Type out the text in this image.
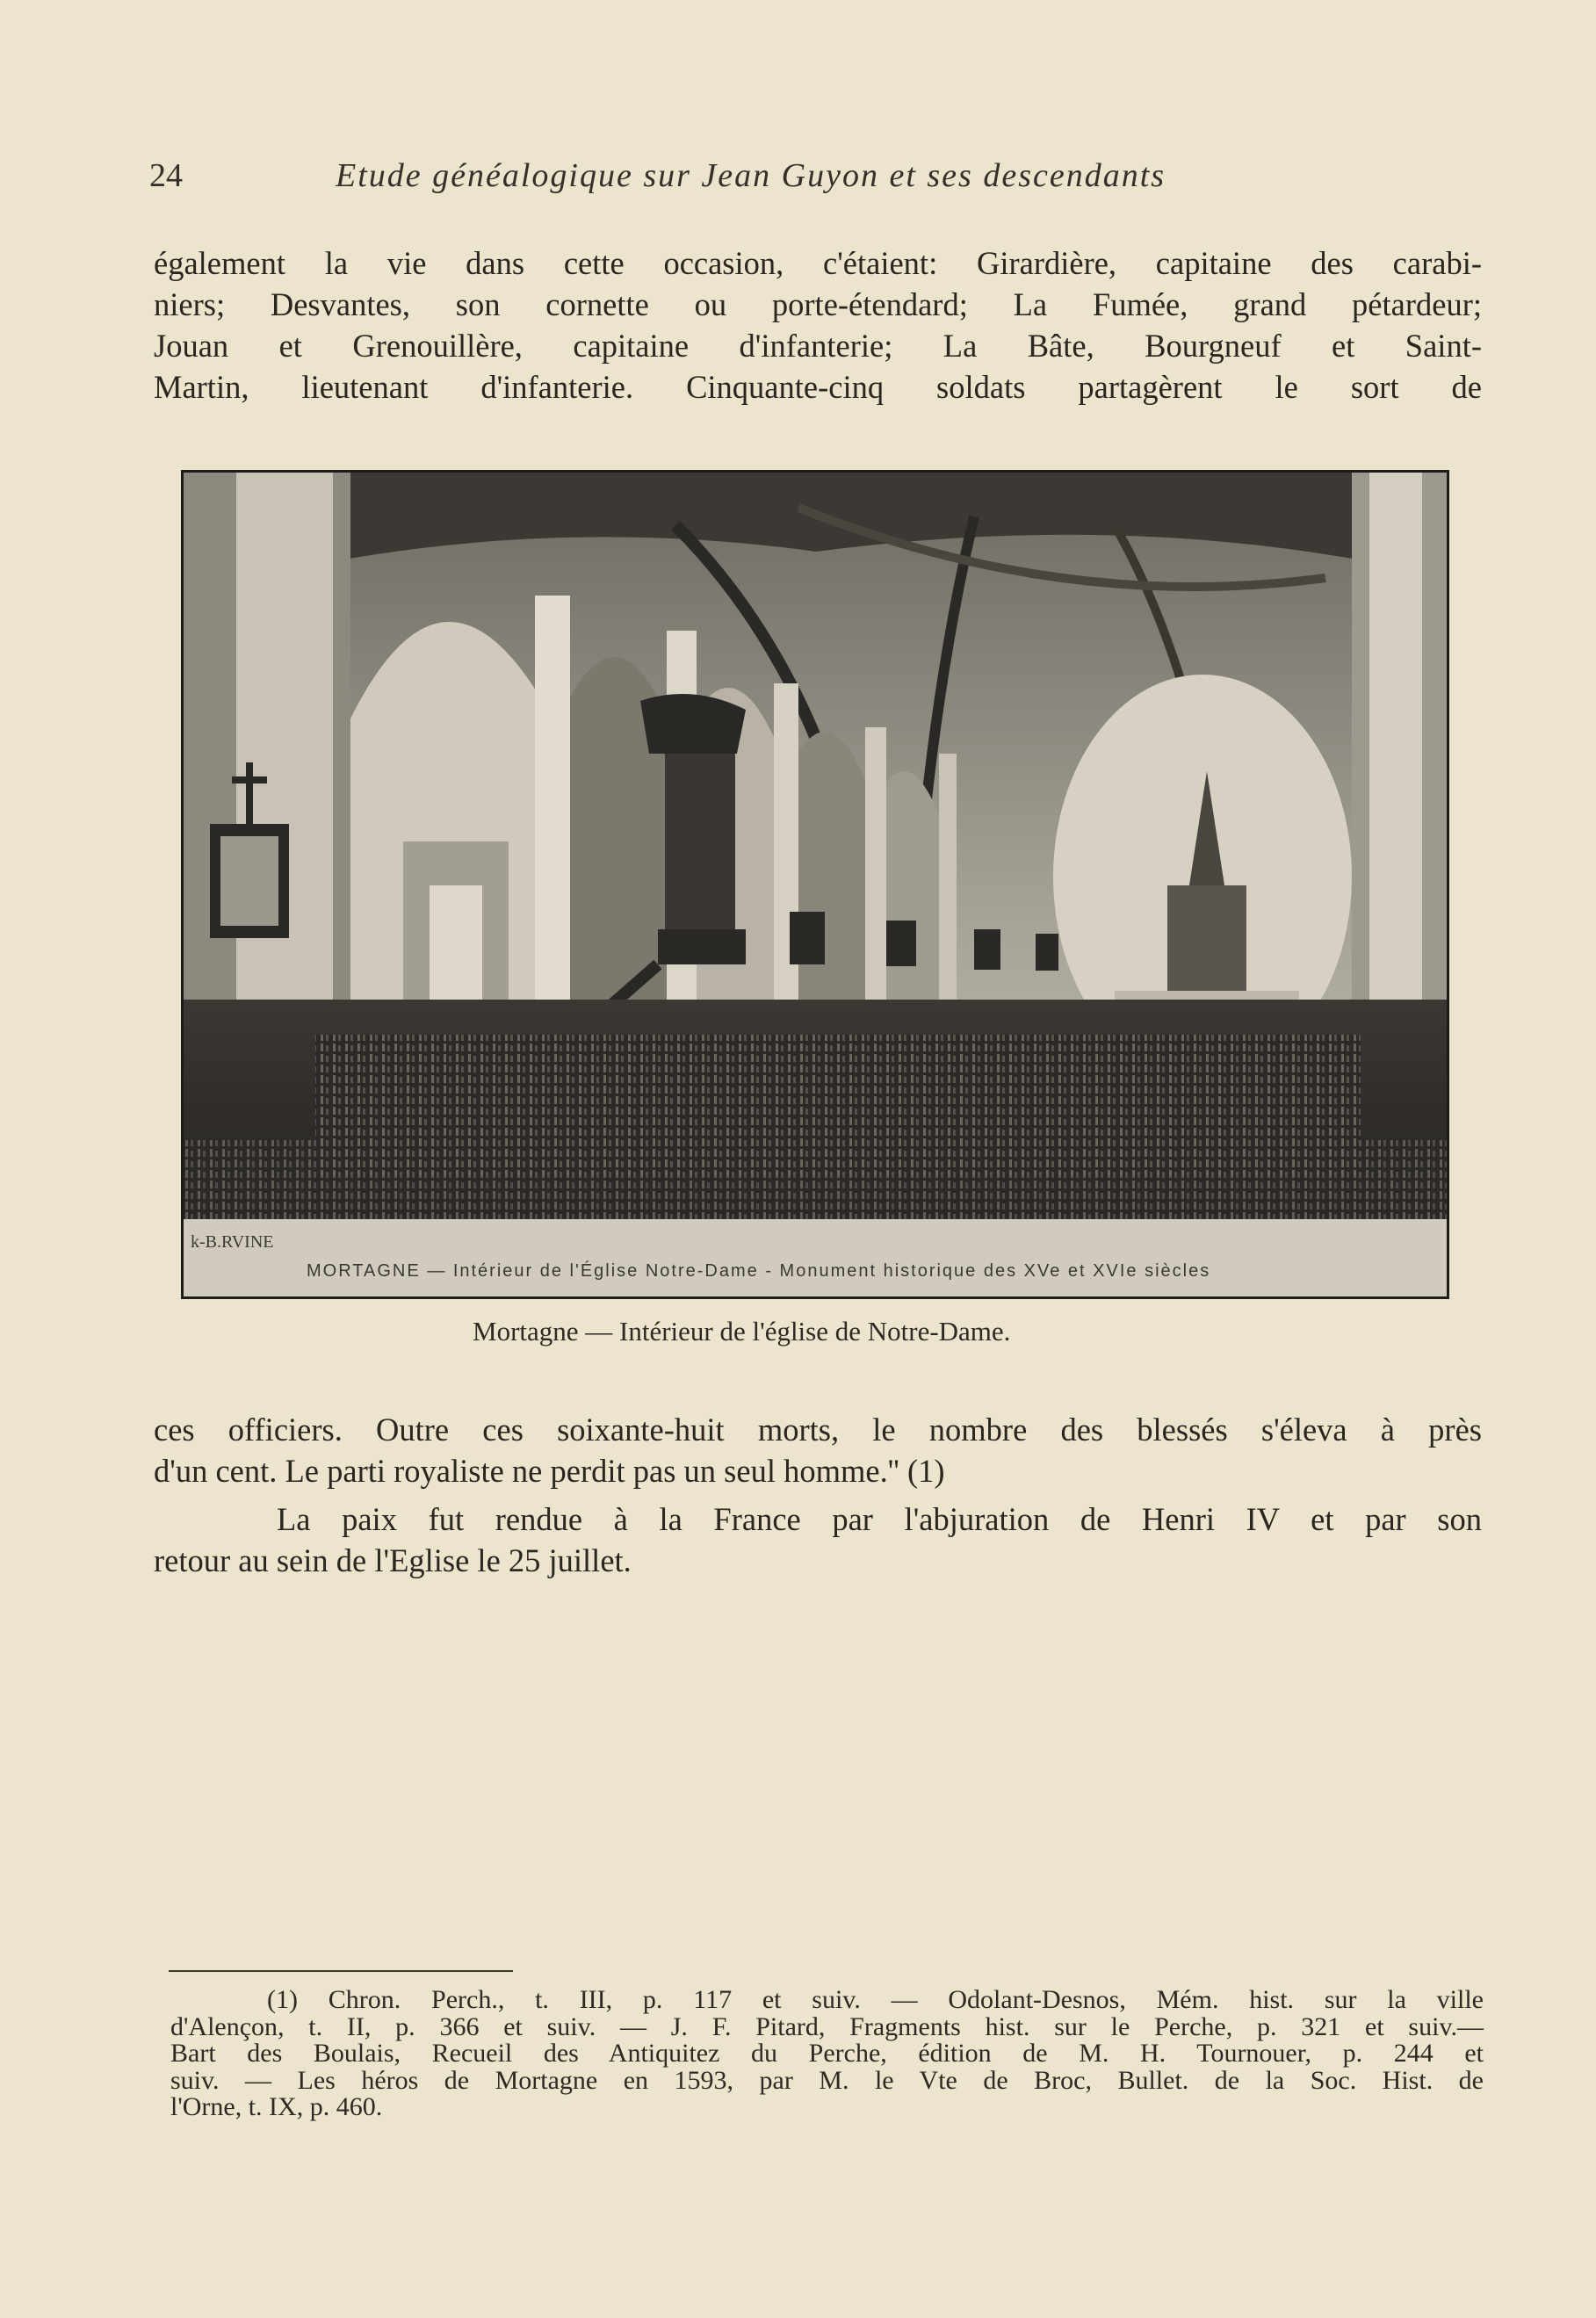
24	Etude généalogique sur Jean Guyon et ses descendants
également la vie dans cette occasion, c'étaient: Girardière, capitaine des carabi-
niers; Desvantes, son cornette ou porte-étendard; La Fumée, grand pétardeur;
Jouan et Grenouillère, capitaine d'infanterie; La Bâte, Bourgneuf et Saint-
Martin, lieutenant d'infanterie. Cinquante-cinq soldats partagèrent le sort de
k-B.RVINE
MORTAGNE — Intérieur de l'Église Notre-Dame - Monument historique des XVe et XVIe siècles
Mortagne — Intérieur de l'église de Notre-Dame.
ces officiers. Outre ces soixante-huit morts, le nombre des blessés s'éleva à près
d'un cent. Le parti royaliste ne perdit pas un seul homme.'' (1)
La paix fut rendue à la France par l'abjuration de Henri IV et par son
retour au sein de l'Eglise le 25 juillet.
(1) Chron. Perch., t. III, p. 117 et suiv. — Odolant-Desnos, Mém. hist. sur la ville
d'Alençon, t. II, p. 366 et suiv. — J. F. Pitard, Fragments hist. sur le Perche, p. 321 et suiv.—
Bart des Boulais, Recueil des Antiquitez du Perche, édition de M. H. Tournouer, p. 244 et
suiv. — Les héros de Mortagne en 1593, par M. le Vte de Broc, Bullet. de la Soc. Hist. de
l'Orne, t. IX, p. 460.
